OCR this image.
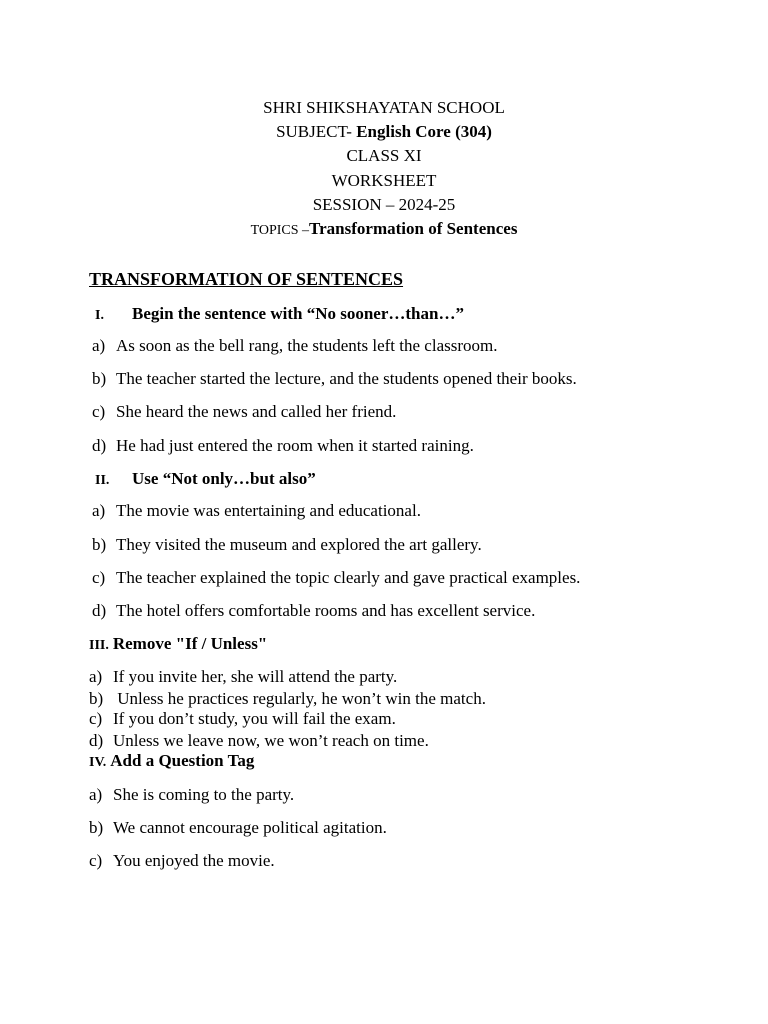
SHRI SHIKSHAYATAN SCHOOL
SUBJECT- English Core (304)
CLASS XI
WORKSHEET
SESSION – 2024-25
TOPICS –Transformation of Sentences
TRANSFORMATION OF SENTENCES
I. Begin the sentence with “No sooner…than…”
a) As soon as the bell rang, the students left the classroom.
b) The teacher started the lecture, and the students opened their books.
c) She heard the news and called her friend.
d) He had just entered the room when it started raining.
II. Use “Not only…but also”
a) The movie was entertaining and educational.
b) They visited the museum and explored the art gallery.
c) The teacher explained the topic clearly and gave practical examples.
d) The hotel offers comfortable rooms and has excellent service.
III. Remove "If / Unless"
a) If you invite her, she will attend the party.
b) Unless he practices regularly, he won’t win the match.
c) If you don’t study, you will fail the exam.
d) Unless we leave now, we won’t reach on time.
IV. Add a Question Tag
a) She is coming to the party.
b) We cannot encourage political agitation.
c) You enjoyed the movie.
